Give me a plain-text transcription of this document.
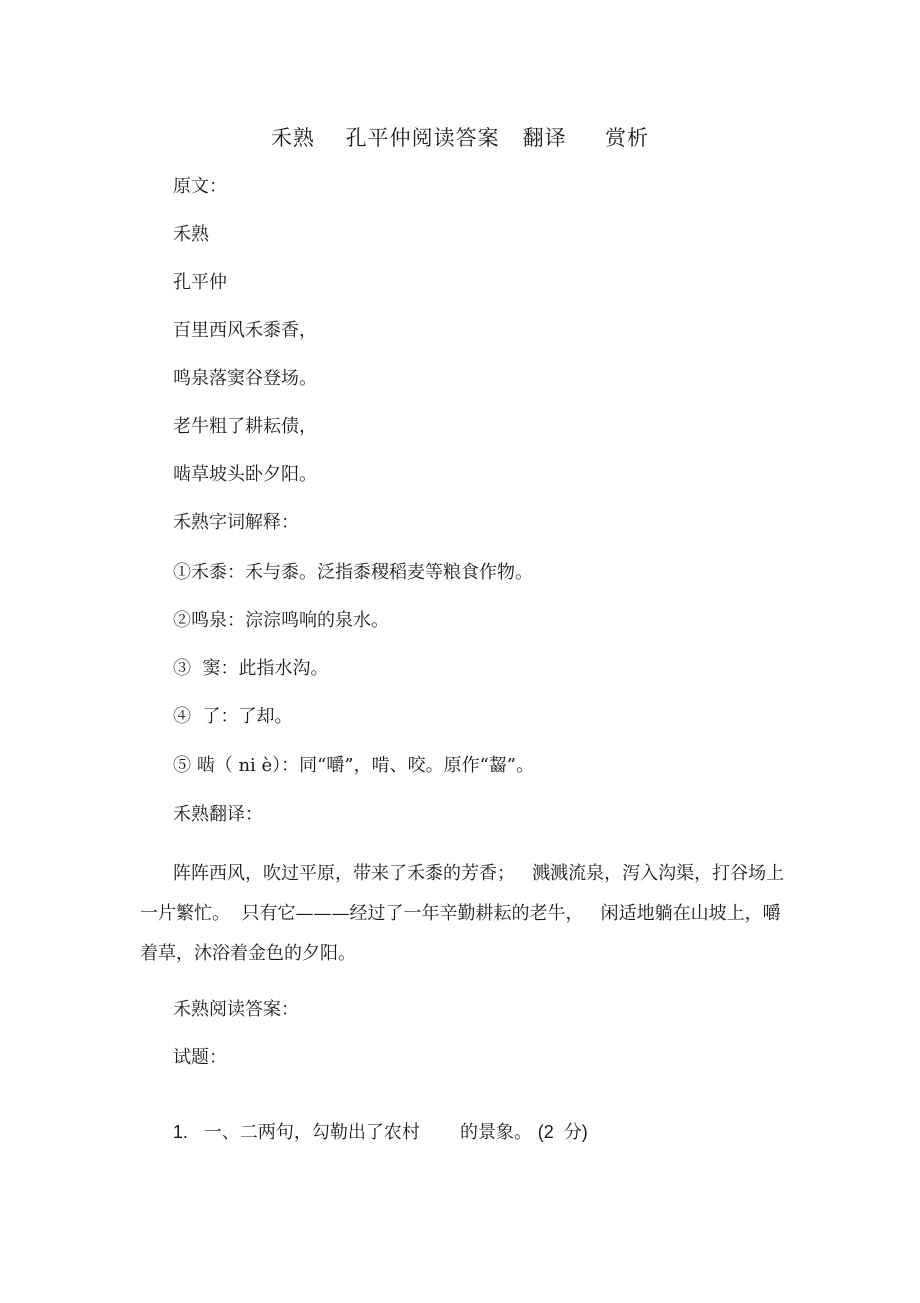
禾熟    孔平仲阅读答案   翻译     赏析
原文：
禾熟
孔平仲
百里西风禾黍香，
鸣泉落窦谷登场。
老牛粗了耕耘债，
啮草坡头卧夕阳。
禾熟字词解释：
①禾黍：禾与黍。泛指黍稷稻麦等粮食作物。
②鸣泉：淙淙鸣响的泉水。
③  窦：此指水沟。
④  了：了却。
⑤ 啮（ ni è）：同“嚼”，啃、咬。原作“齧”。
禾熟翻译：
阵阵西风，吹过平原，带来了禾黍的芳香；   溅溅流泉，泻入沟渠，打谷场上一片繁忙。  只有它———经过了一年辛勤耕耘的老牛，   闲适地躺在山坡上，嚼着草，沐浴着金色的夕阳。
禾熟阅读答案：
试题：

1. 一、二两句，勾勒出了农村       的景象。 (2  分)
